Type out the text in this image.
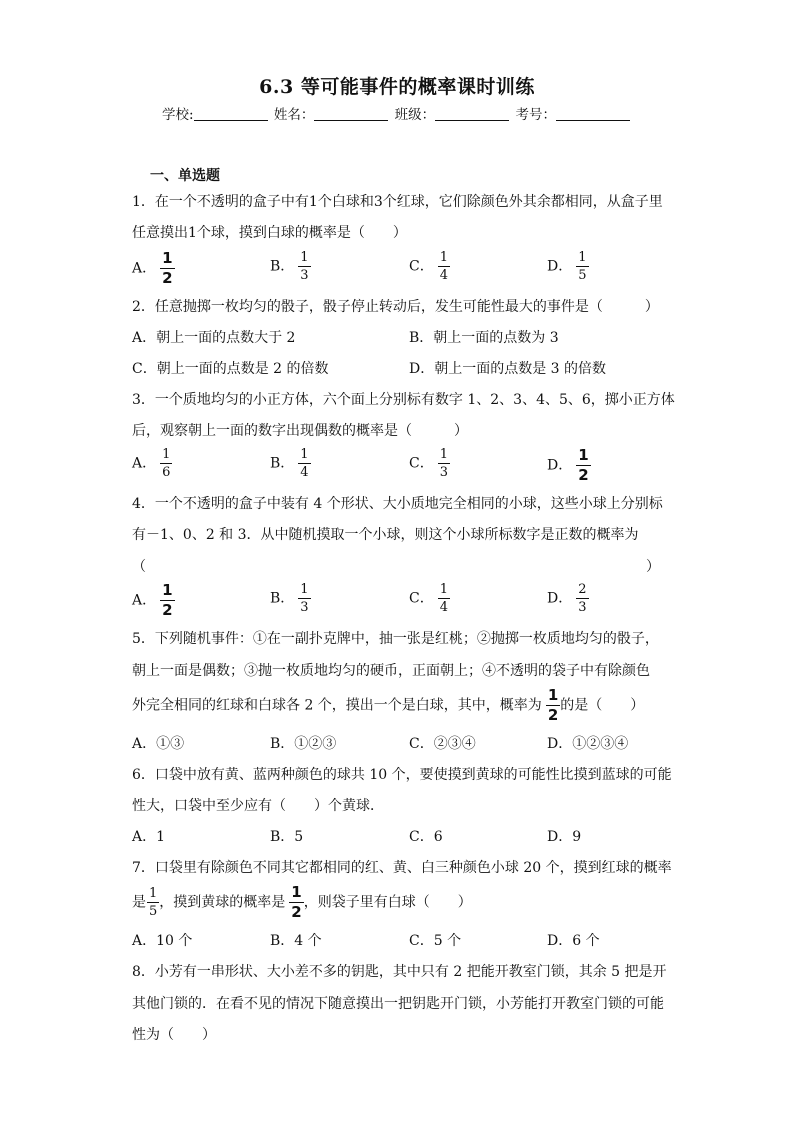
6.3 等可能事件的概率课时训练
学校:	姓名：	班级：	考号：
一、单选题
1．在一个不透明的盒子中有1个白球和3个红球，它们除颜色外其余都相同，从盒子里
任意摸出1个球，摸到白球的概率是（　　）
A． $\frac{1}{2}$	B． $\frac{1}{3}$	C． $\frac{1}{4}$	D． $\frac{1}{5}$
2．任意抛掷一枚均匀的骰子，骰子停止转动后，发生可能性最大的事件是（　　　）
A．朝上一面的点数大于 2	B．朝上一面的点数为 3
C．朝上一面的点数是 2 的倍数	D．朝上一面的点数是 3 的倍数
3．一个质地均匀的小正方体，六个面上分别标有数字 1、2、3、4、5、6，掷小正方体
后，观察朝上一面的数字出现偶数的概率是（　　　）
A． $\frac{1}{6}$	B． $\frac{1}{4}$	C． $\frac{1}{3}$	D． $\frac{1}{2}$
4．一个不透明的盒子中装有 4 个形状、大小质地完全相同的小球，这些小球上分别标
有－1、0、2 和 3．从中随机摸取一个小球，则这个小球所标数字是正数的概率为
（	）
A． $\frac{1}{2}$	B． $\frac{1}{3}$	C． $\frac{1}{4}$	D． $\frac{2}{3}$
5．下列随机事件：①在一副扑克牌中，抽一张是红桃；②抛掷一枚质地均匀的骰子，
朝上一面是偶数；③抛一枚质地均匀的硬币，正面朝上；④不透明的袋子中有除颜色
外完全相同的红球和白球各 2 个，摸出一个是白球，其中，概率为 $\frac{1}{2}$ 的是（　　）
A．①③	B．①②③	C．②③④	D．①②③④
6．口袋中放有黄、蓝两种颜色的球共 10 个，要使摸到黄球的可能性比摸到蓝球的可能
性大，口袋中至少应有（　　）个黄球．
A．1	B．5	C．6	D．9
7．口袋里有除颜色不同其它都相同的红、黄、白三种颜色小球 20 个，摸到红球的概率
是 $\frac{1}{5}$ ，摸到黄球的概率是 $\frac{1}{2}$ ，则袋子里有白球（　　）
A．10 个	B．4 个	C．5 个	D．6 个
8．小芳有一串形状、大小差不多的钥匙，其中只有 2 把能开教室门锁，其余 5 把是开
其他门锁的．在看不见的情况下随意摸出一把钥匙开门锁，小芳能打开教室门锁的可能
性为（　　）
